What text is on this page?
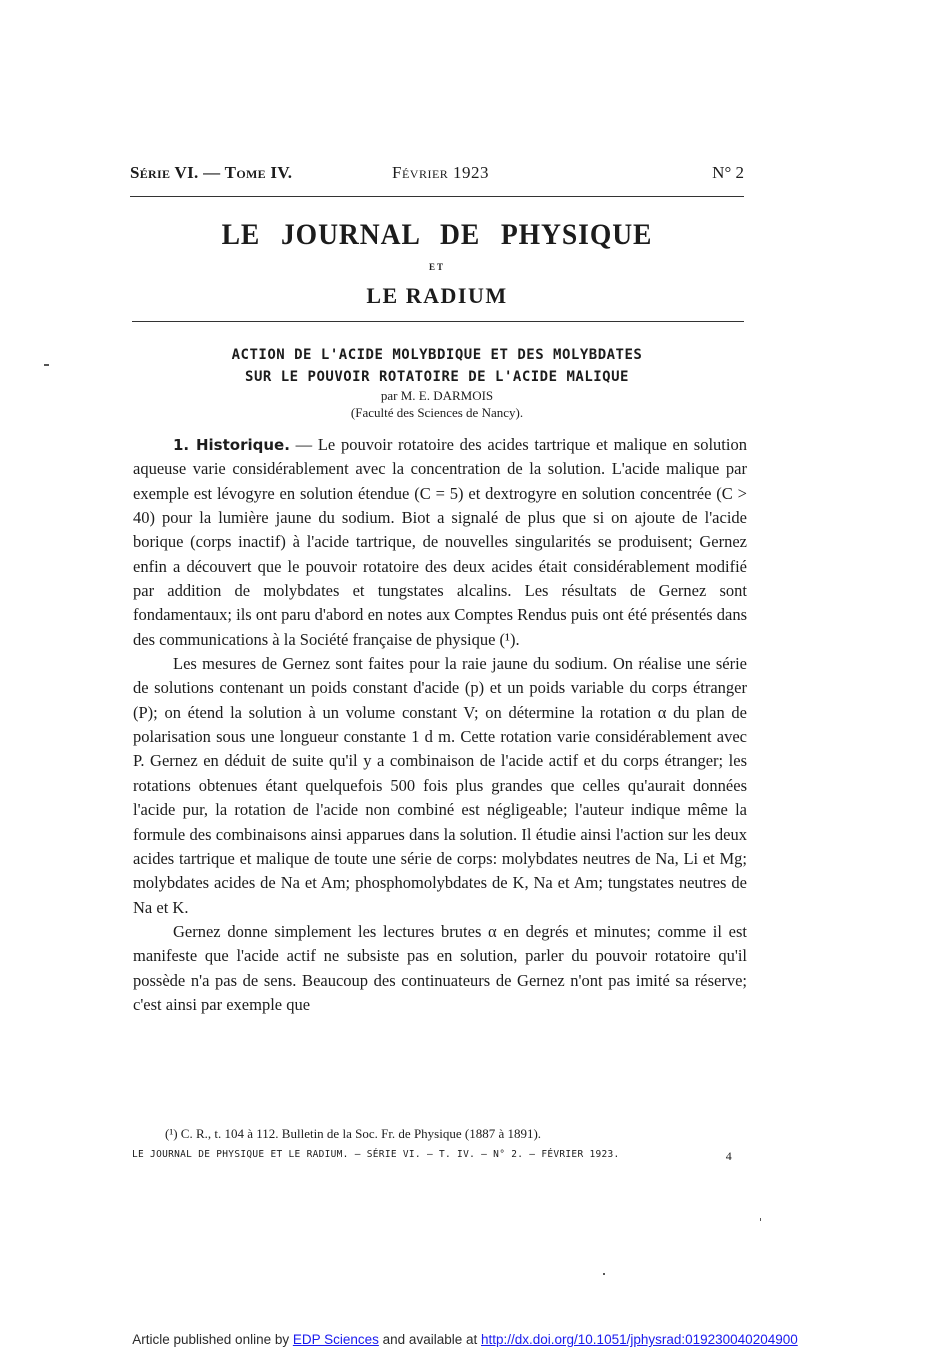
Série VI. — Tome IV.	Février 1923	N° 2
LE JOURNAL DE PHYSIQUE
ET
LE RADIUM
ACTION DE L'ACIDE MOLYBDIQUE ET DES MOLYBDATES
SUR LE POUVOIR ROTATOIRE DE L'ACIDE MALIQUE
par M. E. DARMOIS
(Faculté des Sciences de Nancy).

1. Historique. — Le pouvoir rotatoire des acides tartrique et malique en solution aqueuse varie considérablement avec la concentration de la solution. L'acide malique par exemple est lévogyre en solution étendue (C = 5) et dextrogyre en solution concentrée (C > 40) pour la lumière jaune du sodium. Biot a signalé de plus que si on ajoute de l'acide borique (corps inactif) à l'acide tartrique, de nouvelles singularités se produisent; Gernez enfin a découvert que le pouvoir rotatoire des deux acides était considérablement modifié par addition de molybdates et tungstates alcalins. Les résultats de Gernez sont fondamentaux; ils ont paru d'abord en notes aux Comptes Rendus puis ont été présentés dans des communications à la Société française de physique (¹).

Les mesures de Gernez sont faites pour la raie jaune du sodium. On réalise une série de solutions contenant un poids constant d'acide (p) et un poids variable du corps étranger (P); on étend la solution à un volume constant V; on détermine la rotation α du plan de polarisation sous une longueur constante 1 d m. Cette rotation varie considérablement avec P. Gernez en déduit de suite qu'il y a combinaison de l'acide actif et du corps étranger; les rotations obtenues étant quelquefois 500 fois plus grandes que celles qu'aurait données l'acide pur, la rotation de l'acide non combiné est négligeable; l'auteur indique même la formule des combinaisons ainsi apparues dans la solution. Il étudie ainsi l'action sur les deux acides tartrique et malique de toute une série de corps: molybdates neutres de Na, Li et Mg; molybdates acides de Na et Am; phosphomolybdates de K, Na et Am; tungstates neutres de Na et K.

Gernez donne simplement les lectures brutes α en degrés et minutes; comme il est manifeste que l'acide actif ne subsiste pas en solution, parler du pouvoir rotatoire qu'il possède n'a pas de sens. Beaucoup des continuateurs de Gernez n'ont pas imité sa réserve; c'est ainsi par exemple que

(¹) C. R., t. 104 à 112. Bulletin de la Soc. Fr. de Physique (1887 à 1891).
LE JOURNAL DE PHYSIQUE ET LE RADIUM. — SÉRIE VI. — T. IV. — N° 2. — FÉVRIER 1923.	4
Article published online by EDP Sciences and available at http://dx.doi.org/10.1051/jphysrad:019230040204900
